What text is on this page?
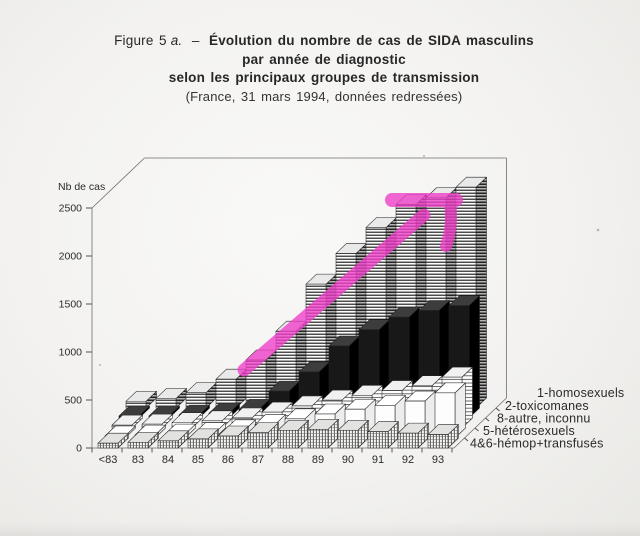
Figure 5 a. – Évolution du nombre de cas de SIDA masculins
par année de diagnostic
selon les principaux groupes de transmission
(France, 31 mars 1994, données redressées)
0
500
1000
1500
2000
2500
Nb de cas
<83 83 84 85 86 87 88 89 90 91 92 93
1-homosexuels
2-toxicomanes
8-autre, inconnu
5-hétérosexuels
4&6-hémop+transfusés
